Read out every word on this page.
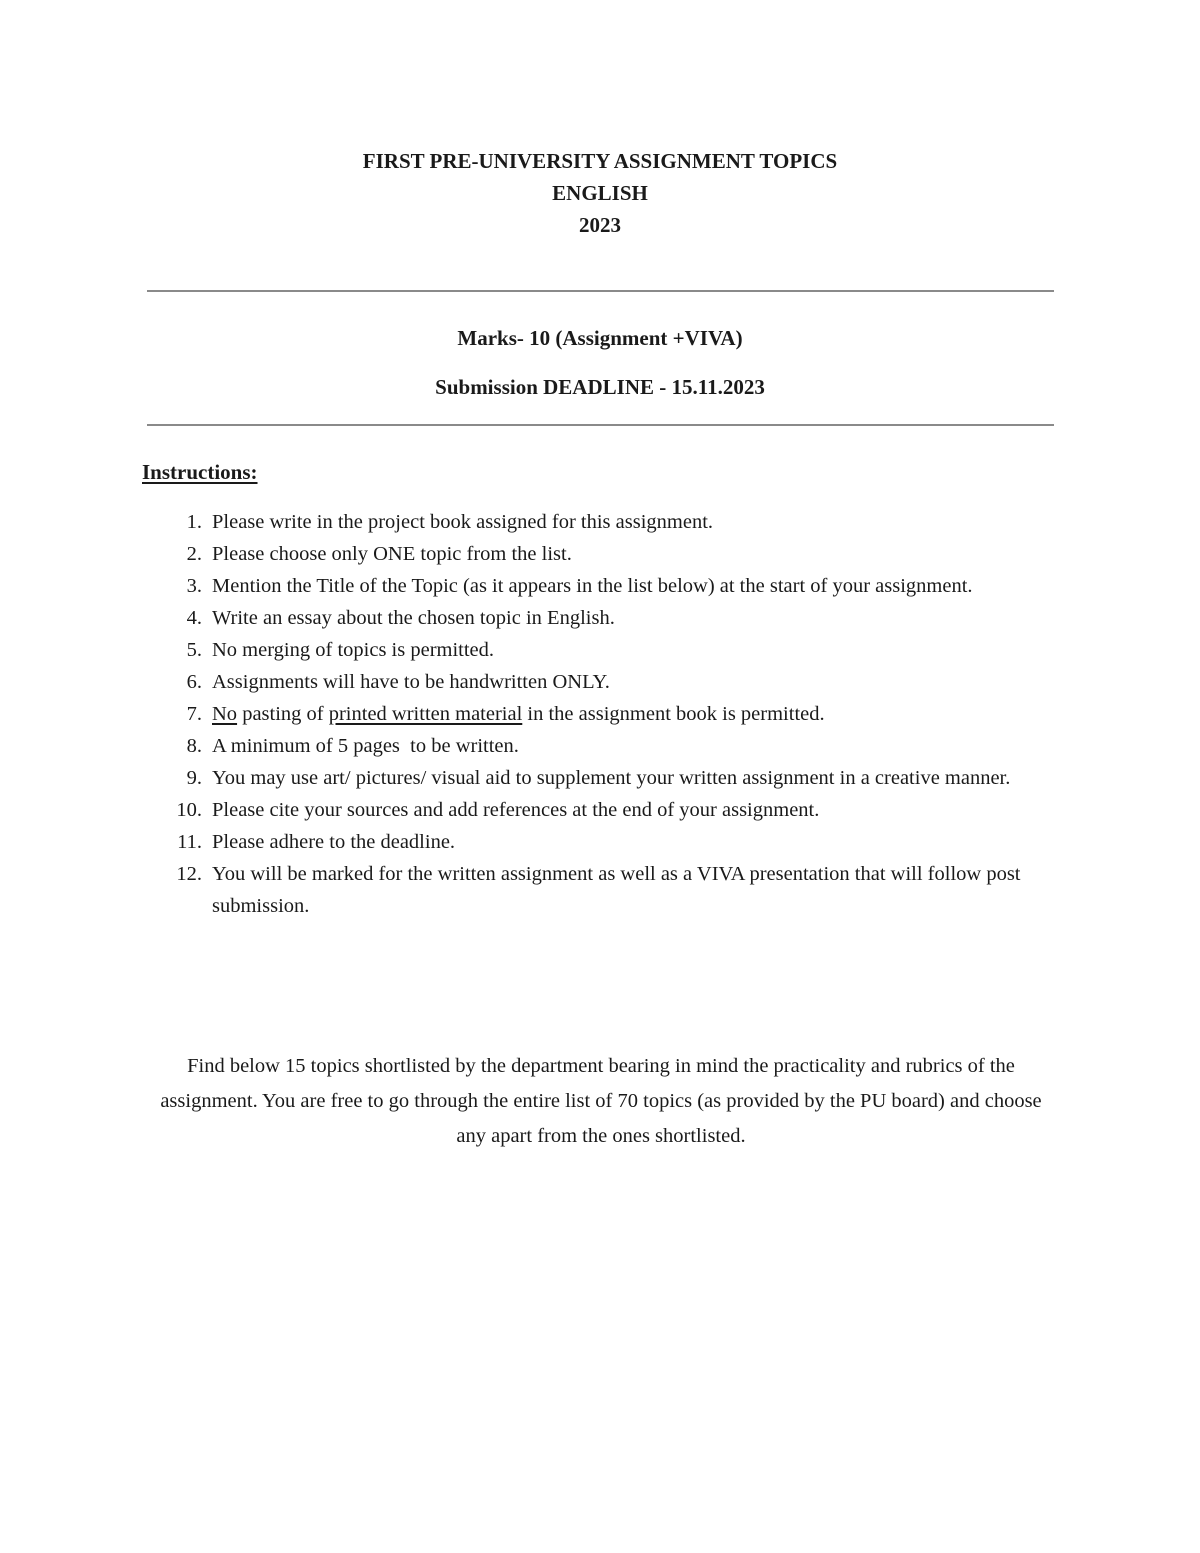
FIRST PRE-UNIVERSITY ASSIGNMENT TOPICS
ENGLISH
2023
Marks- 10 (Assignment +VIVA)
Submission DEADLINE - 15.11.2023
Instructions:
1. Please write in the project book assigned for this assignment.
2. Please choose only ONE topic from the list.
3. Mention the Title of the Topic (as it appears in the list below) at the start of your assignment.
4. Write an essay about the chosen topic in English.
5. No merging of topics is permitted.
6. Assignments will have to be handwritten ONLY.
7. No pasting of printed written material in the assignment book is permitted.
8. A minimum of 5 pages  to be written.
9. You may use art/ pictures/ visual aid to supplement your written assignment in a creative manner.
10. Please cite your sources and add references at the end of your assignment.
11. Please adhere to the deadline.
12. You will be marked for the written assignment as well as a VIVA presentation that will follow post submission.
Find below 15 topics shortlisted by the department bearing in mind the practicality and rubrics of the assignment. You are free to go through the entire list of 70 topics (as provided by the PU board) and choose any apart from the ones shortlisted.
